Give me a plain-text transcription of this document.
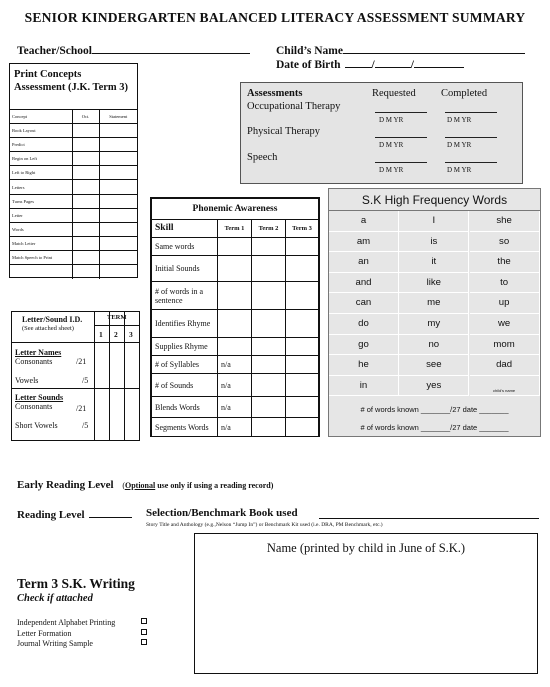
SENIOR KINDERGARTEN BALANCED LITERACY ASSESSMENT SUMMARY
Teacher/School	Child’s Name
Date of Birth	/	/
Print Concepts
Assessment (J.K. Term 3)
Concept	Oct.	Statement
Book Layout		
Predict		
Begin on Left		
Left to Right		
Letters		
Turns Pages		
Letter		
Words		
Match Letter		
Match Speech to Print		

Assessments	Requested Completed
Occupational Therapy
D M YR	D M YR
Physical Therapy
D M YR	D M YR
Speech
D M YR	D M YR
Phonemic Awareness			
Skill	Term 1	Term 2	Term 3
Same words			
Initial Sounds			
# of words in a sentence			
Identifies Rhyme			
Supplies Rhyme			
# of Syllables	n/a		
# of Sounds	n/a		
Blends Words	n/a		
Segments Words	n/a		
S.K High Frequency Words
a	I	she
am	is	so
an	it	the
and	like	to
can	me	up
do	my	we
go	no	mom
he	see	dad
in	yes	child’s name
# of words known _______/27 date _______
# of words known _______/27 date _______
Letter/Sound I.D.
(See attached sheet)
TERM
1 2 3
Letter Names
Consonants	/21
Vowels	/5
Letter Sounds
Consonants	/21
Short Vowels	/5
Early Reading Level (Optional use only if using a reading record)
Reading Level	Selection/Benchmark Book used
Story Title and Anthology (e.g.,Nelson “Jump In”) or Benchmark Kit used (i.e. DRA, PM Benchmark, etc.)
Name (printed by child in June of S.K.)
Term 3 S.K. Writing
Check if attached
Independent Alphabet Printing
Letter Formation
Journal Writing Sample
